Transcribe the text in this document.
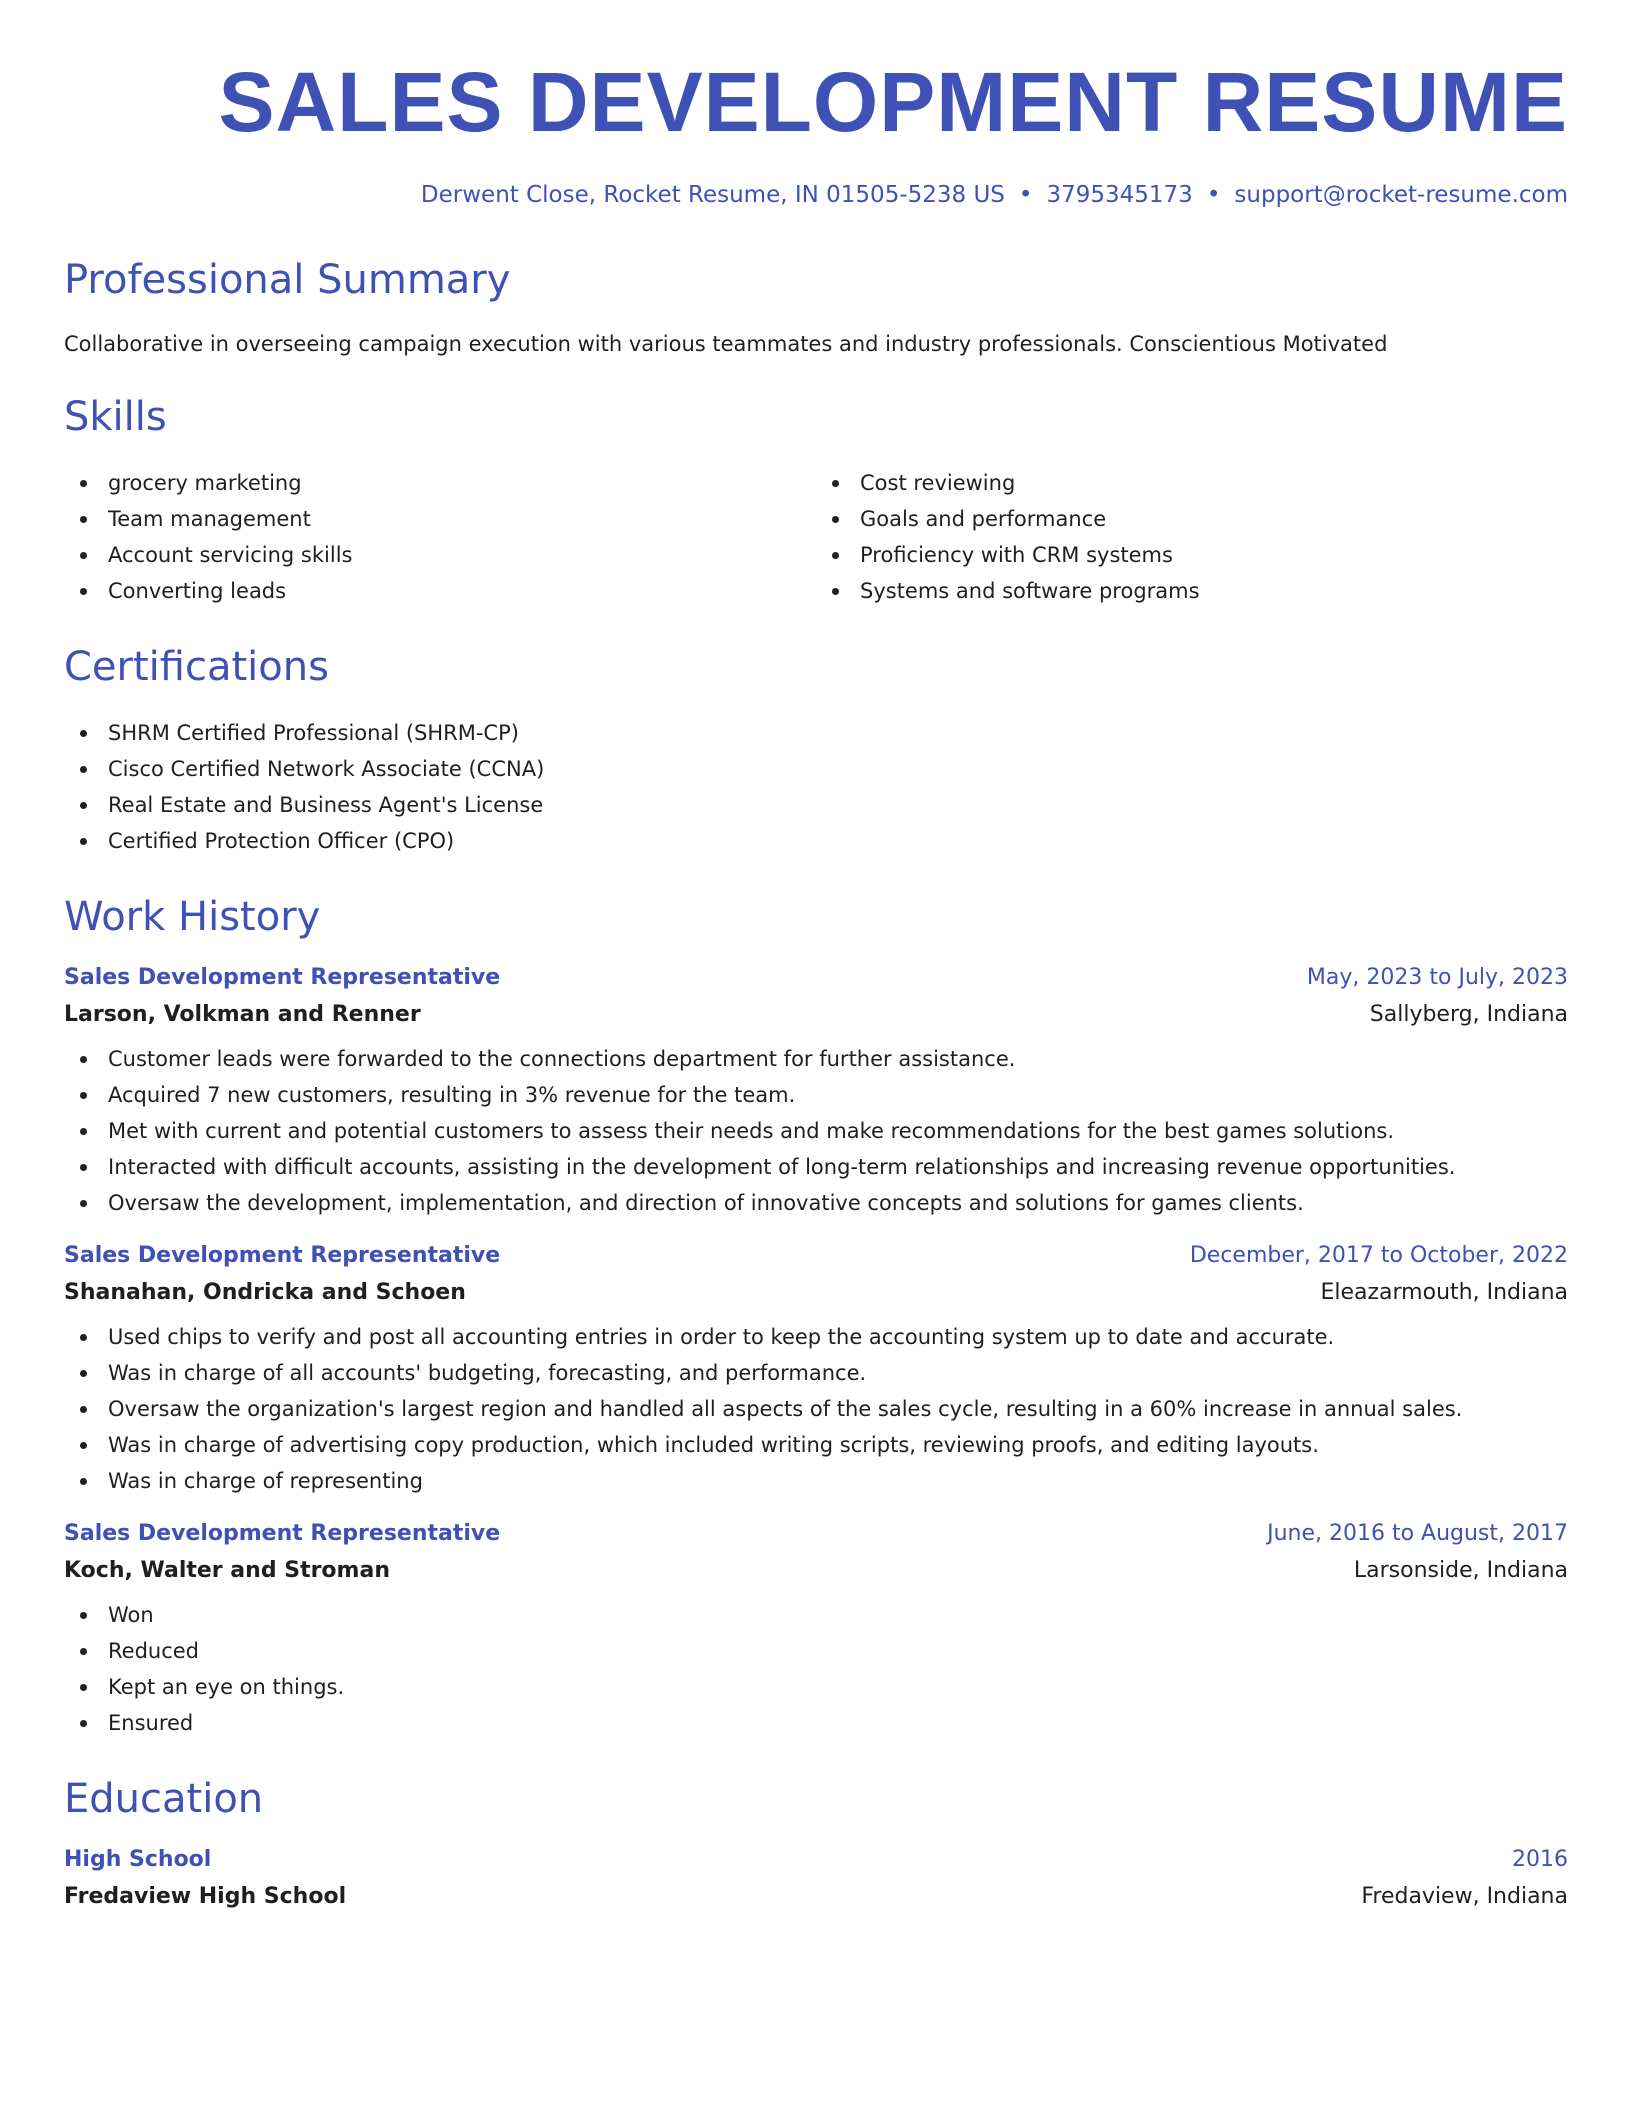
SALES DEVELOPMENT RESUME
Derwent Close, Rocket Resume, IN 01505-5238 US • 3795345173 • support@rocket-resume.com
Professional Summary
Collaborative in overseeing campaign execution with various teammates and industry professionals. Conscientious Motivated
Skills
grocery marketing
Team management
Account servicing skills
Converting leads
Cost reviewing
Goals and performance
Proficiency with CRM systems
Systems and software programs
Certifications
SHRM Certified Professional (SHRM-CP)
Cisco Certified Network Associate (CCNA)
Real Estate and Business Agent's License
Certified Protection Officer (CPO)
Work History
Sales Development Representative	May, 2023 to July, 2023
Larson, Volkman and Renner	Sallyberg, Indiana
Customer leads were forwarded to the connections department for further assistance.
Acquired 7 new customers, resulting in 3% revenue for the team.
Met with current and potential customers to assess their needs and make recommendations for the best games solutions.
Interacted with difficult accounts, assisting in the development of long-term relationships and increasing revenue opportunities.
Oversaw the development, implementation, and direction of innovative concepts and solutions for games clients.
Sales Development Representative	December, 2017 to October, 2022
Shanahan, Ondricka and Schoen	Eleazarmouth, Indiana
Used chips to verify and post all accounting entries in order to keep the accounting system up to date and accurate.
Was in charge of all accounts' budgeting, forecasting, and performance.
Oversaw the organization's largest region and handled all aspects of the sales cycle, resulting in a 60% increase in annual sales.
Was in charge of advertising copy production, which included writing scripts, reviewing proofs, and editing layouts.
Was in charge of representing
Sales Development Representative	June, 2016 to August, 2017
Koch, Walter and Stroman	Larsonside, Indiana
Won
Reduced
Kept an eye on things.
Ensured
Education
High School	2016
Fredaview High School	Fredaview, Indiana
